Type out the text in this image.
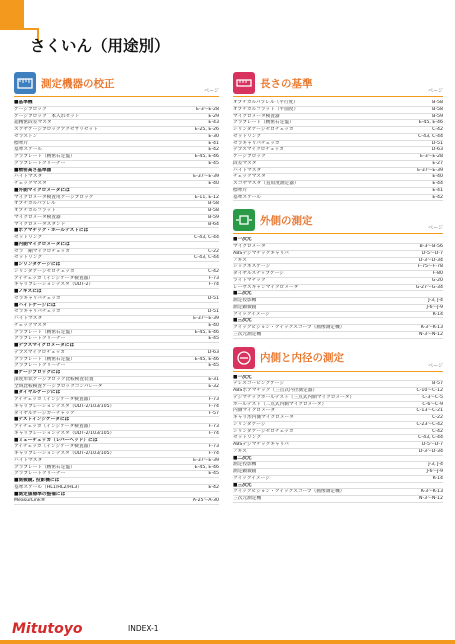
さくいん（用途別）
測定機器の校正
ページ
■基準機
ゲージブロック	E-3〜E-28
ゲージブロック　本入れセット	E-29
超精密段差マスタ	E-43
スケヤゲージブロックアクセサリセット	E-25, E-26
セラストン	E-30
標準片	E-41
基準スケール	E-42
グラブレート（精密石定盤）	E-45, E-46
グラブレートクリーナー	E-45
■精密高さ基準器
ハイトマスタ	E-37〜E-39
チェックマスタ	E-40
■外側マイクロメータには
マイクロメータ検査用ゲージブロック	E-11, E-12
オプチカルパラレル	B-58
オプチカルフラット	B-58
マイクロメータ検査器	B-59
マイクロメータスタンド	B-64
■ボアマチック・ホールテストには
セットリング	C-43, C-44
■内側マイクロメータには
セラ　剛マイクロチェッカ	C-22
セットリング	C-43, C-44
■シリンダゲージには
シリンダゲージゼロチェッカ	C-42
アイチェッカ（インジケータ検査器）	F-73
キャリブレーションテスタ（UDT-2）	F-74
■ノギスには
セラキャリパチェッカ	D-51
■ハイトゲージには
セラキャリパチェッカ	D-51
ハイトマスタ	E-37〜E-39
チェックマスタ	E-40
グラブレート（精密石定盤）	E-45, E-46
グラブレートクリーナー	E-45
■デプスマイクロメータには
デプスマイクロチェッカ	D-63
グラブレート（精密石定盤）	E-45, E-46
グラブレートクリーナー	E-45
■ゲージブロックには
深度形状ゲージブロック比較検査装置	E-31
全域比較検査ゲージブロックコンパレータ	E-32
■ダイヤルゲージには
アイチェッカ（インジケータ検査器）	F-73
キャリブレーションテスタ（UDT-2/103/105）	F-74
ダイヤルゲージカーチャック	F-57
■テストインジケータには
アイチェッカ（インジケータ検査器）	F-73
キャリブレーションテスタ（UDT-2/103/105）	F-74
■ミューチェッカ（レバーヘッド）には
アイチェッカ（インジケータ検査器）	F-73
キャリブレーションテスタ（UDT-2/103/105）	F-74
ハイトマスタ	E-37〜E-39
グラブレート（精密石定盤）	E-45, E-46
グラブレートクリーナー	E-45
■測微鏡, 投影機には
基準スケール（HL1/HL2/HL3）	E-42
■測定値標準の整備には
MeasurLink®	A-25〜A-30
長さの基準
ページ
オプチカルパラレル（平行度）	B-58
オプチカルフラット（平面度）	B-58
マイクロメータ検査器	B-59
グラブレート（精密石定盤）	E-45, E-46
シリンダゲージゼロチェッカ	C-42
セットリング	C-43, C-44
セラキャリパチェッカ	D-51
デプスマイクロチェッカ	D-63
ゲージブロック	E-3〜E-28
段差マスタ	E-27
ハイトマスタ	E-37〜E-39
チェックマスタ	E-40
スコヤマスタ（直角度測定器）	E-44
標準片	E-41
基準スケール	E-42
外側の測定
ページ
■一次元
マイクロメータ	B-3〜B-56
ABSデジマチックキャリパ	D-5〜D-7
ノギス	D-3〜D-34
シックネスゲージ	F-75〜F-78
ダイヤルスナップゲージ	F-80
ライトマチック	G-20
レーザスキャンマイクロメータ	G-27〜G-34
■二次元
測定投影機	J-3, J-4
測定顕微鏡	J-6〜J-9
クイックイメージ	K-14
■三次元
クイックビジョン・クイックスコープ（画像測定機）	K-3〜K-13
三次元測定機	N-3〜N-12
内側と内径の測定
ページ
■一次元
テレスコーピングゲージ	B-57
ABSボアマチック（三点式内径測定器）	C-10〜C-12
デジマチックホールテスト（三点式内側マイクロメータ）	C-3〜C-5
ホールテスト（二点式内側マイクロメータ）	C-6〜C-9
内側マイクロメータ	C-13〜C-21
キャリ形内側マイクロメータ	C-22
シリンダゲージ	C-23〜C-42
シリンダゲージゼロチェッカ	C-42
セットリング	C-43, C-44
ABSデジマチックキャリパ	D-5〜D-7
ノギス	D-3〜D-34
■二次元
測定投影機	J-3, J-4
測定顕微鏡	J-6〜J-9
クイックイメージ	K-14
■三次元
クイックビジョン・クイックスコープ（画像測定機）	K-3〜K-13
三次元測定機	N-3〜N-12
Mitutoyo	INDEX-1
